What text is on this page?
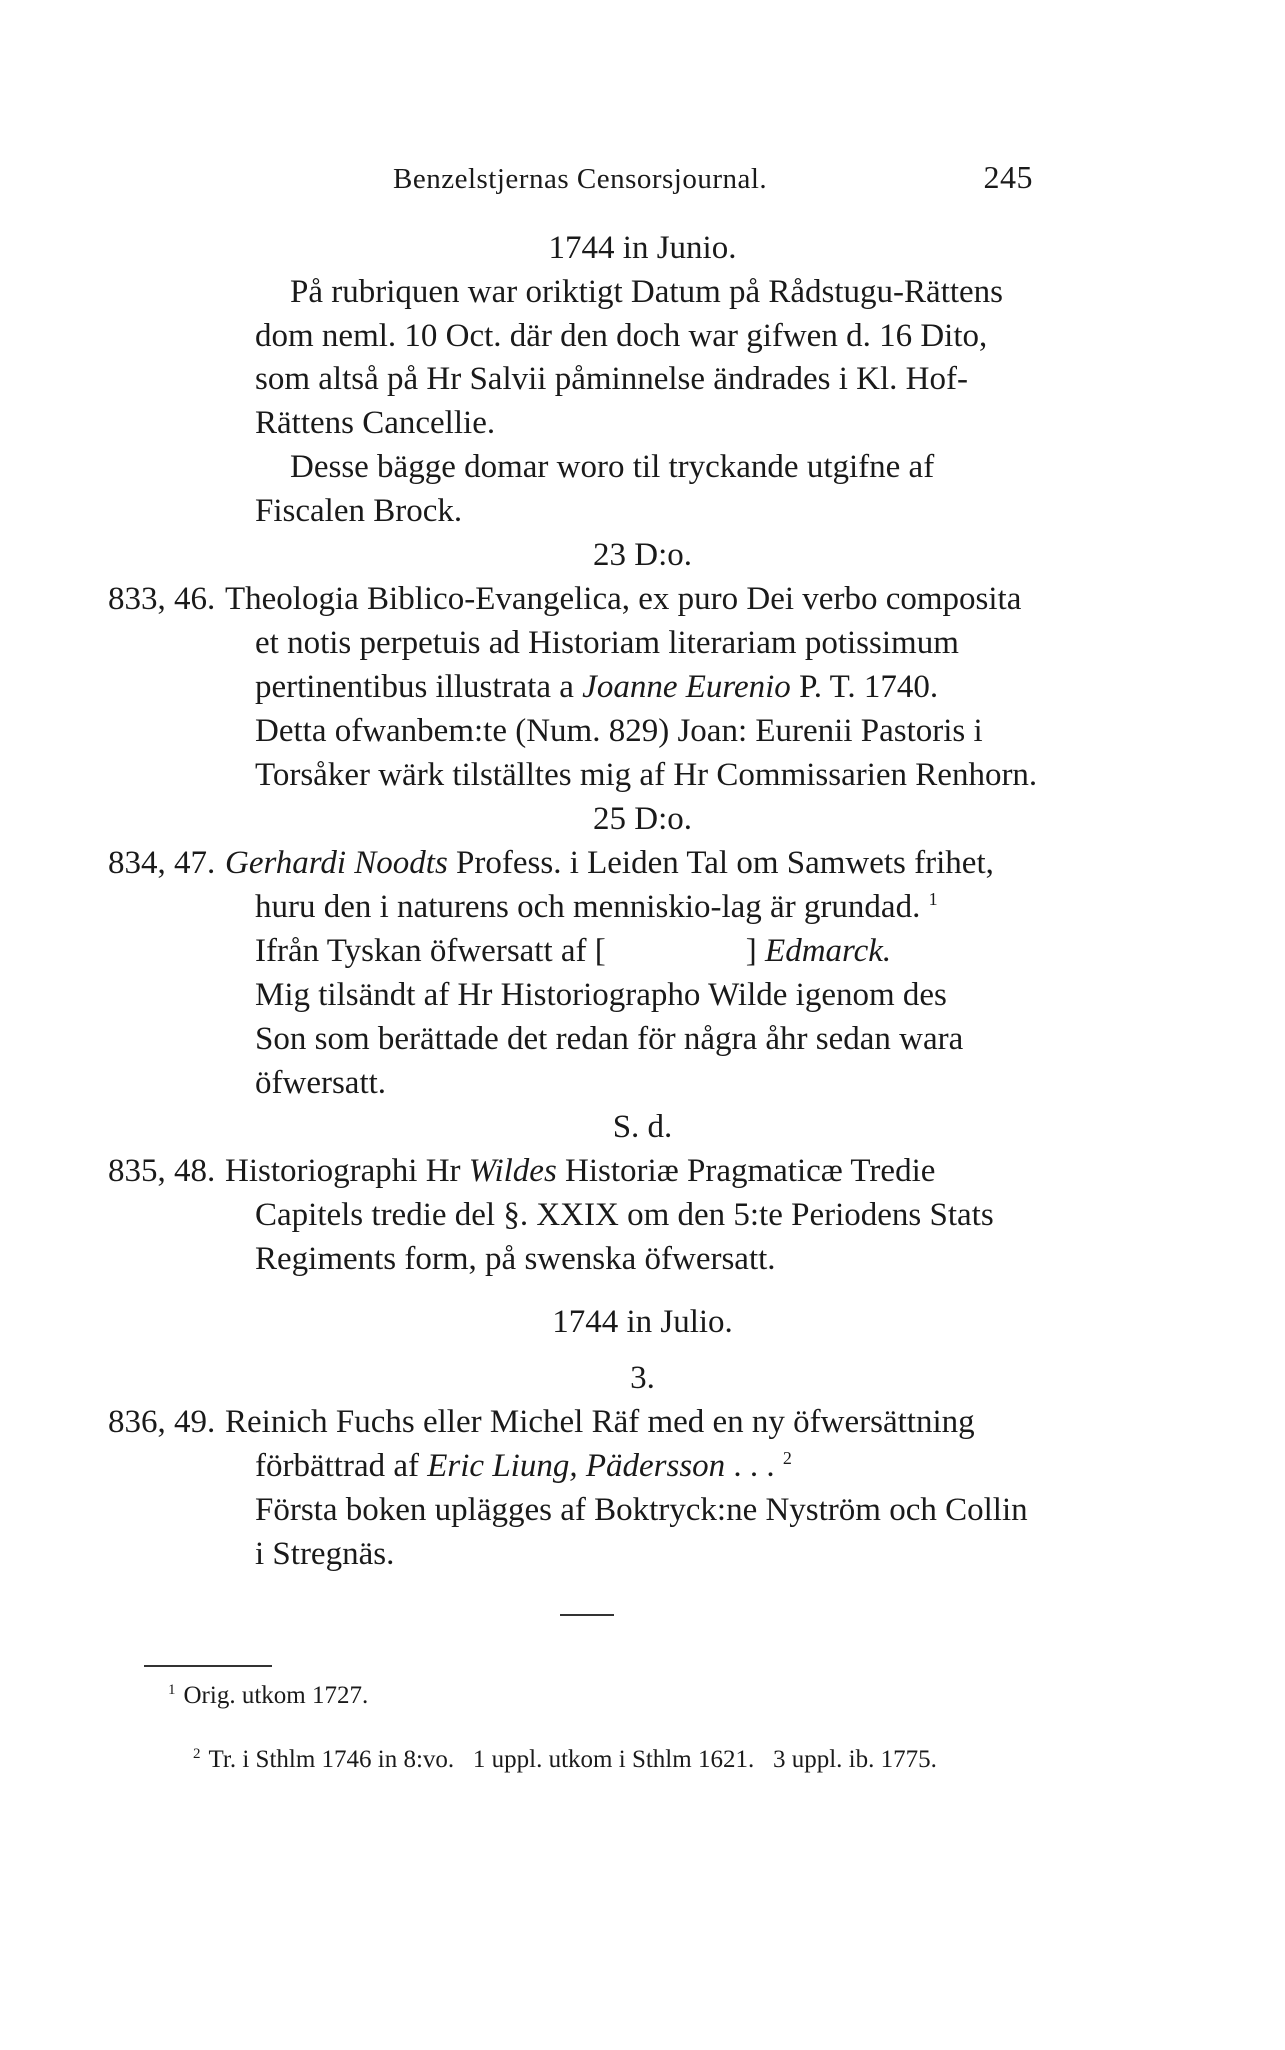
Benzelstjernas Censorsjournal.	245
1744 in Junio.
På rubriquen war oriktigt Datum på Rådstugu-Rättens
dom neml. 10 Oct. där den doch war gifwen d. 16 Dito,
som altså på Hr Salvii påminnelse ändrades i Kl. Hof-
Rättens Cancellie.
Desse bägge domar woro til tryckande utgifne af
Fiscalen Brock.
23 D:o.
833, 46. Theologia Biblico-Evangelica, ex puro Dei verbo composita
et notis perpetuis ad Historiam literariam potissimum
pertinentibus illustrata a Joanne Eurenio P. T. 1740.
Detta ofwanbem:te (Num. 829) Joan: Eurenii Pastoris i
Torsåker wärk tilställtes mig af Hr Commissarien Renhorn.
25 D:o.
834, 47. Gerhardi Noodts Profess. i Leiden Tal om Samwets frihet,
huru den i naturens och menniskio-lag är grundad. $^1$
Ifrån Tyskan öfwersatt af [	] Edmarck.
Mig tilsändt af Hr Historiographo Wilde igenom des
Son som berättade det redan för några åhr sedan wara
öfwersatt.
S. d.
835, 48. Historiographi Hr Wildes Historiæ Pragmaticæ Tredie
Capitels tredie del §. XXIX om den 5:te Periodens Stats
Regiments form, på swenska öfwersatt.
1744 in Julio.
3.
836, 49. Reinich Fuchs eller Michel Räf med en ny öfwersättning
förbättrad af Eric Liung, Pädersson . . . $^2$
Första boken uplägges af Boktryck:ne Nyström och Collin
i Stregnäs.
$^1$ Orig. utkom 1727.

$^2$ Tr. i Sthlm 1746 in 8:vo.   1 uppl. utkom i Sthlm 1621.   3 uppl. ib. 1775.
